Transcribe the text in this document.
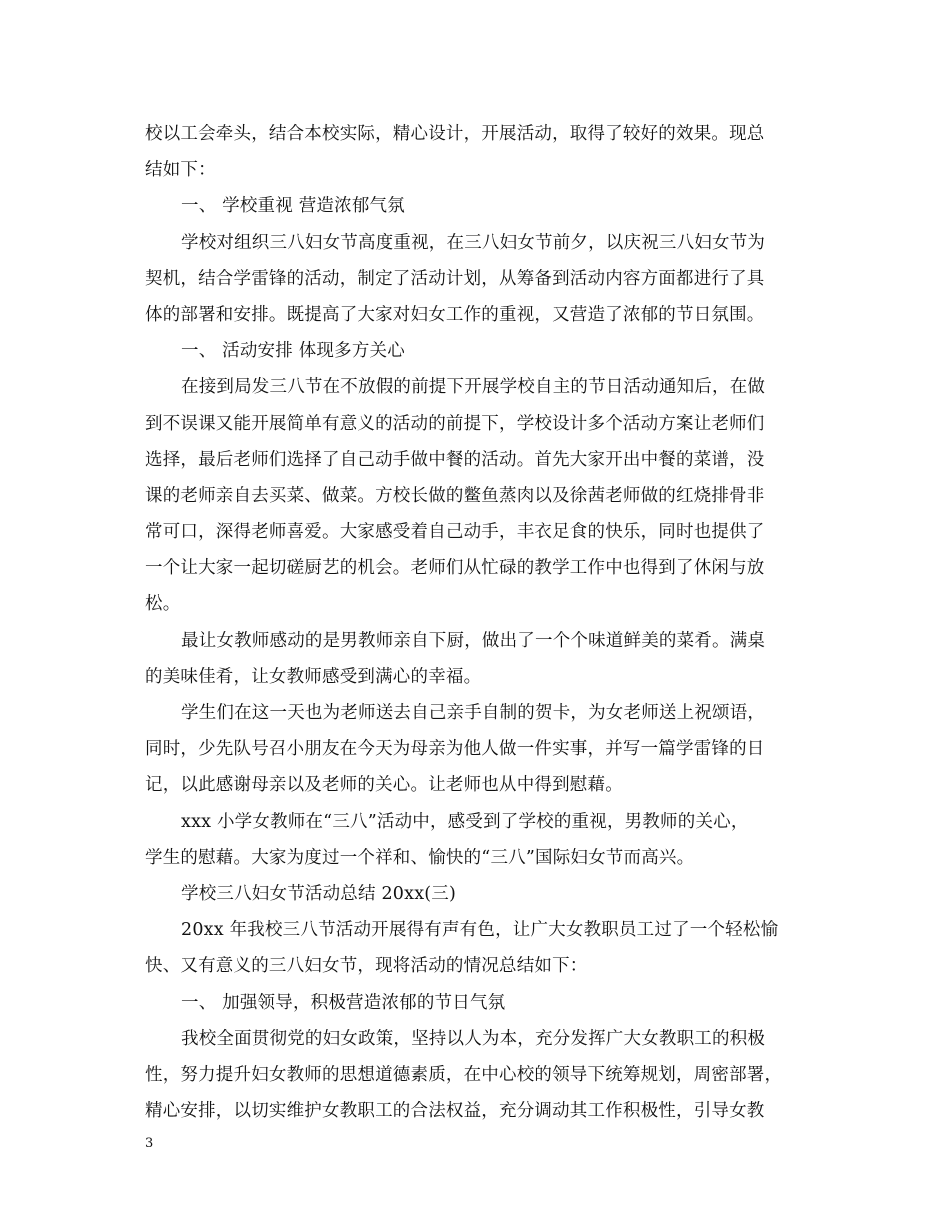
校以工会牵头，结合本校实际，精心设计，开展活动，取得了较好的效果。现总
结如下：
一、 学校重视 营造浓郁气氛
学校对组织三八妇女节高度重视，在三八妇女节前夕，以庆祝三八妇女节为
契机，结合学雷锋的活动，制定了活动计划，从筹备到活动内容方面都进行了具
体的部署和安排。既提高了大家对妇女工作的重视，又营造了浓郁的节日氛围。
一、 活动安排 体现多方关心
在接到局发三八节在不放假的前提下开展学校自主的节日活动通知后，在做
到不误课又能开展简单有意义的活动的前提下，学校设计多个活动方案让老师们
选择，最后老师们选择了自己动手做中餐的活动。首先大家开出中餐的菜谱，没
课的老师亲自去买菜、做菜。方校长做的鳖鱼蒸肉以及徐茜老师做的红烧排骨非
常可口，深得老师喜爱。大家感受着自己动手，丰衣足食的快乐，同时也提供了
一个让大家一起切磋厨艺的机会。老师们从忙碌的教学工作中也得到了休闲与放
松。
最让女教师感动的是男教师亲自下厨，做出了一个个味道鲜美的菜肴。满桌
的美味佳肴，让女教师感受到满心的幸福。
学生们在这一天也为老师送去自己亲手自制的贺卡，为女老师送上祝颂语，
同时，少先队号召小朋友在今天为母亲为他人做一件实事，并写一篇学雷锋的日
记，以此感谢母亲以及老师的关心。让老师也从中得到慰藉。
xxx 小学女教师在“三八”活动中，感受到了学校的重视，男教师的关心，
学生的慰藉。大家为度过一个祥和、愉快的“三八”国际妇女节而高兴。
学校三八妇女节活动总结 20xx(三)
20xx 年我校三八节活动开展得有声有色，让广大女教职员工过了一个轻松愉
快、又有意义的三八妇女节，现将活动的情况总结如下：
一、 加强领导，积极营造浓郁的节日气氛
我校全面贯彻党的妇女政策，坚持以人为本，充分发挥广大女教职工的积极
性，努力提升妇女教师的思想道德素质，在中心校的领导下统筹规划，周密部署，
精心安排，以切实维护女教职工的合法权益，充分调动其工作积极性，引导女教
3
